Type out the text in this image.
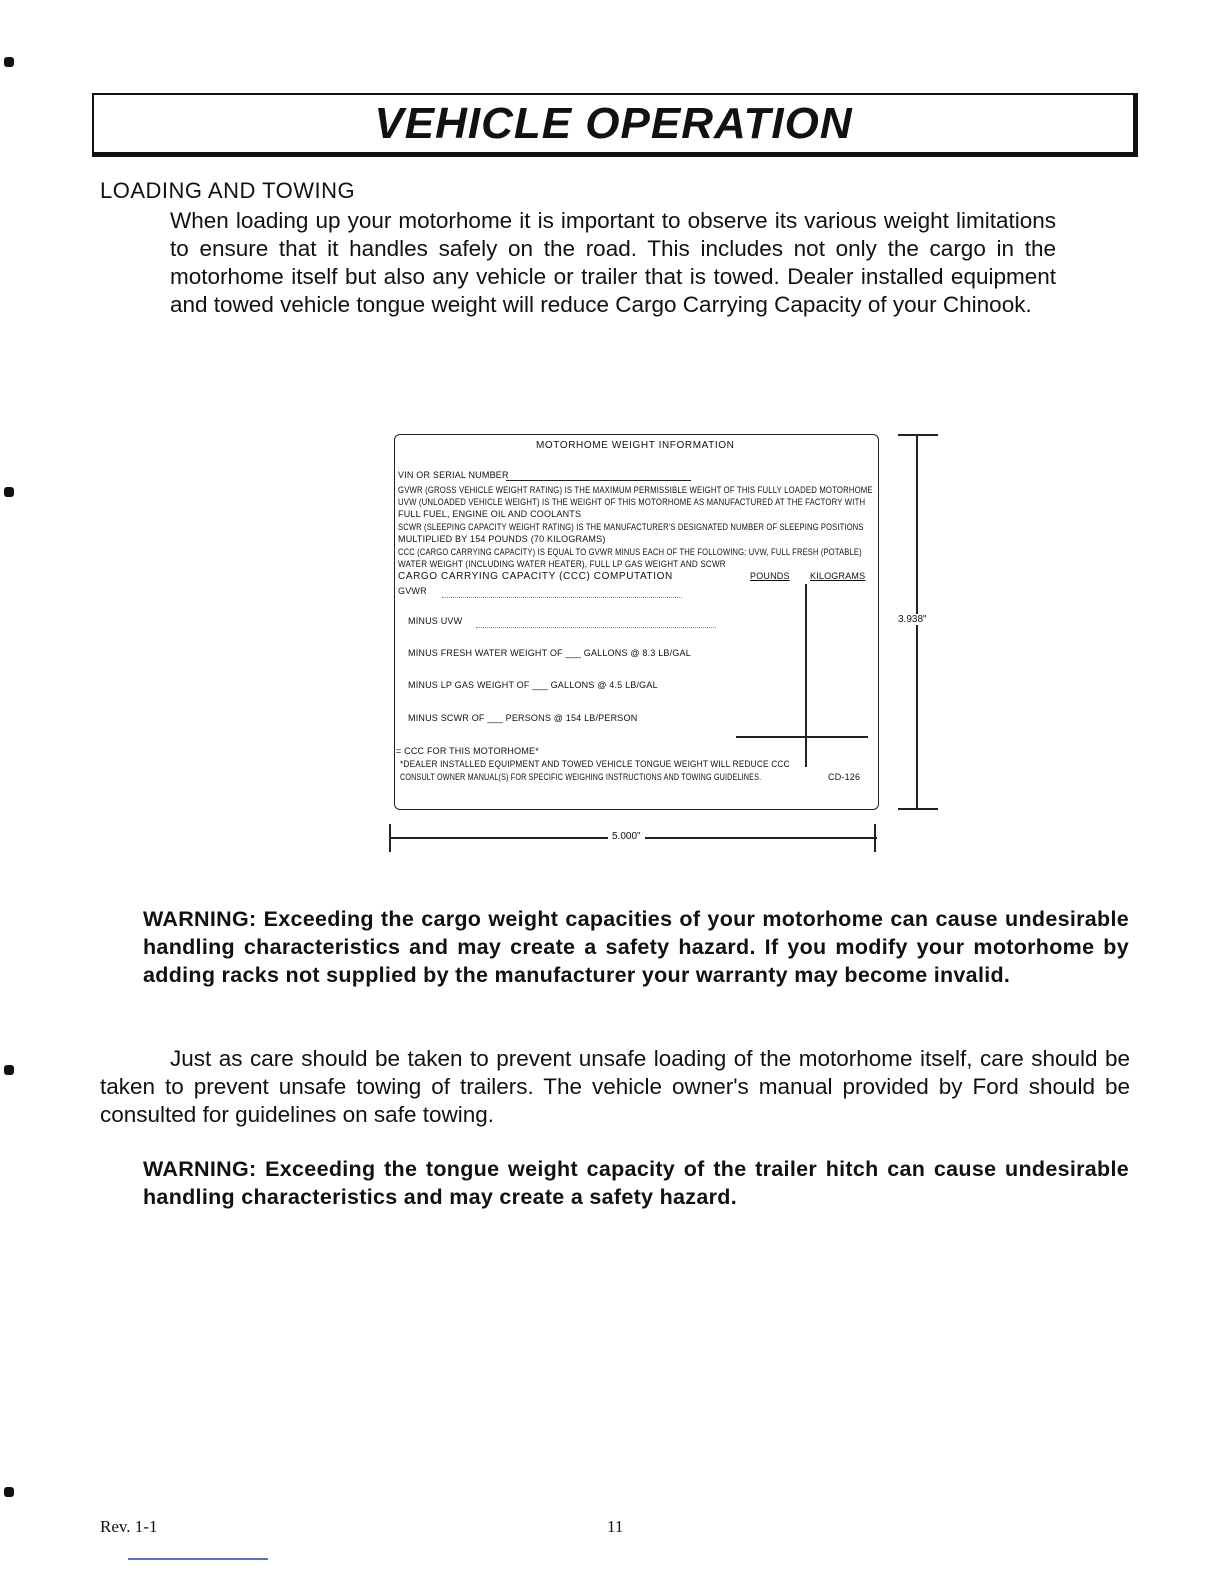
VEHICLE OPERATION
LOADING AND TOWING

When loading up your motorhome it is important to observe its various weight limitations to ensure that it handles safely on the road. This includes not only the cargo in the motorhome itself but also any vehicle or trailer that is towed. Dealer installed equipment and towed vehicle tongue weight will reduce Cargo Carrying Capacity of your Chinook.

MOTORHOME WEIGHT INFORMATION
VIN OR SERIAL NUMBER
GVWR (GROSS VEHICLE WEIGHT RATING) IS THE MAXIMUM PERMISSIBLE WEIGHT OF THIS FULLY LOADED MOTORHOME
UVW (UNLOADED VEHICLE WEIGHT) IS THE WEIGHT OF THIS MOTORHOME AS MANUFACTURED AT THE FACTORY WITH
FULL FUEL, ENGINE OIL AND COOLANTS
SCWR (SLEEPING CAPACITY WEIGHT RATING) IS THE MANUFACTURER'S DESIGNATED NUMBER OF SLEEPING POSITIONS
MULTIPLIED BY 154 POUNDS (70 KILOGRAMS)
CCC (CARGO CARRYING CAPACITY) IS EQUAL TO GVWR MINUS EACH OF THE FOLLOWING: UVW, FULL FRESH (POTABLE)
WATER WEIGHT (INCLUDING WATER HEATER), FULL LP GAS WEIGHT AND SCWR
CARGO CARRYING CAPACITY (CCC) COMPUTATION	POUNDS KILOGRAMS
GVWR
MINUS UVW
MINUS FRESH WATER WEIGHT OF ___ GALLONS @ 8.3 LB/GAL
MINUS LP GAS WEIGHT OF ___ GALLONS @ 4.5 LB/GAL
MINUS SCWR OF ___ PERSONS @ 154 LB/PERSON
= CCC FOR THIS MOTORHOME*
*DEALER INSTALLED EQUIPMENT AND TOWED VEHICLE TONGUE WEIGHT WILL REDUCE CCC
CONSULT OWNER MANUAL(S) FOR SPECIFIC WEIGHING INSTRUCTIONS AND TOWING GUIDELINES.	CD-126
3.938"
5.000"

WARNING: Exceeding the cargo weight capacities of your motorhome can cause undesirable handling characteristics and may create a safety hazard. If you modify your motorhome by adding racks not supplied by the manufacturer your warranty may become invalid.

Just as care should be taken to prevent unsafe loading of the motorhome itself, care should be taken to prevent unsafe towing of trailers. The vehicle owner's manual provided by Ford should be consulted for guidelines on safe towing.

WARNING: Exceeding the tongue weight capacity of the trailer hitch can cause undesirable handling characteristics and may create a safety hazard.

Rev. 1-1	11
